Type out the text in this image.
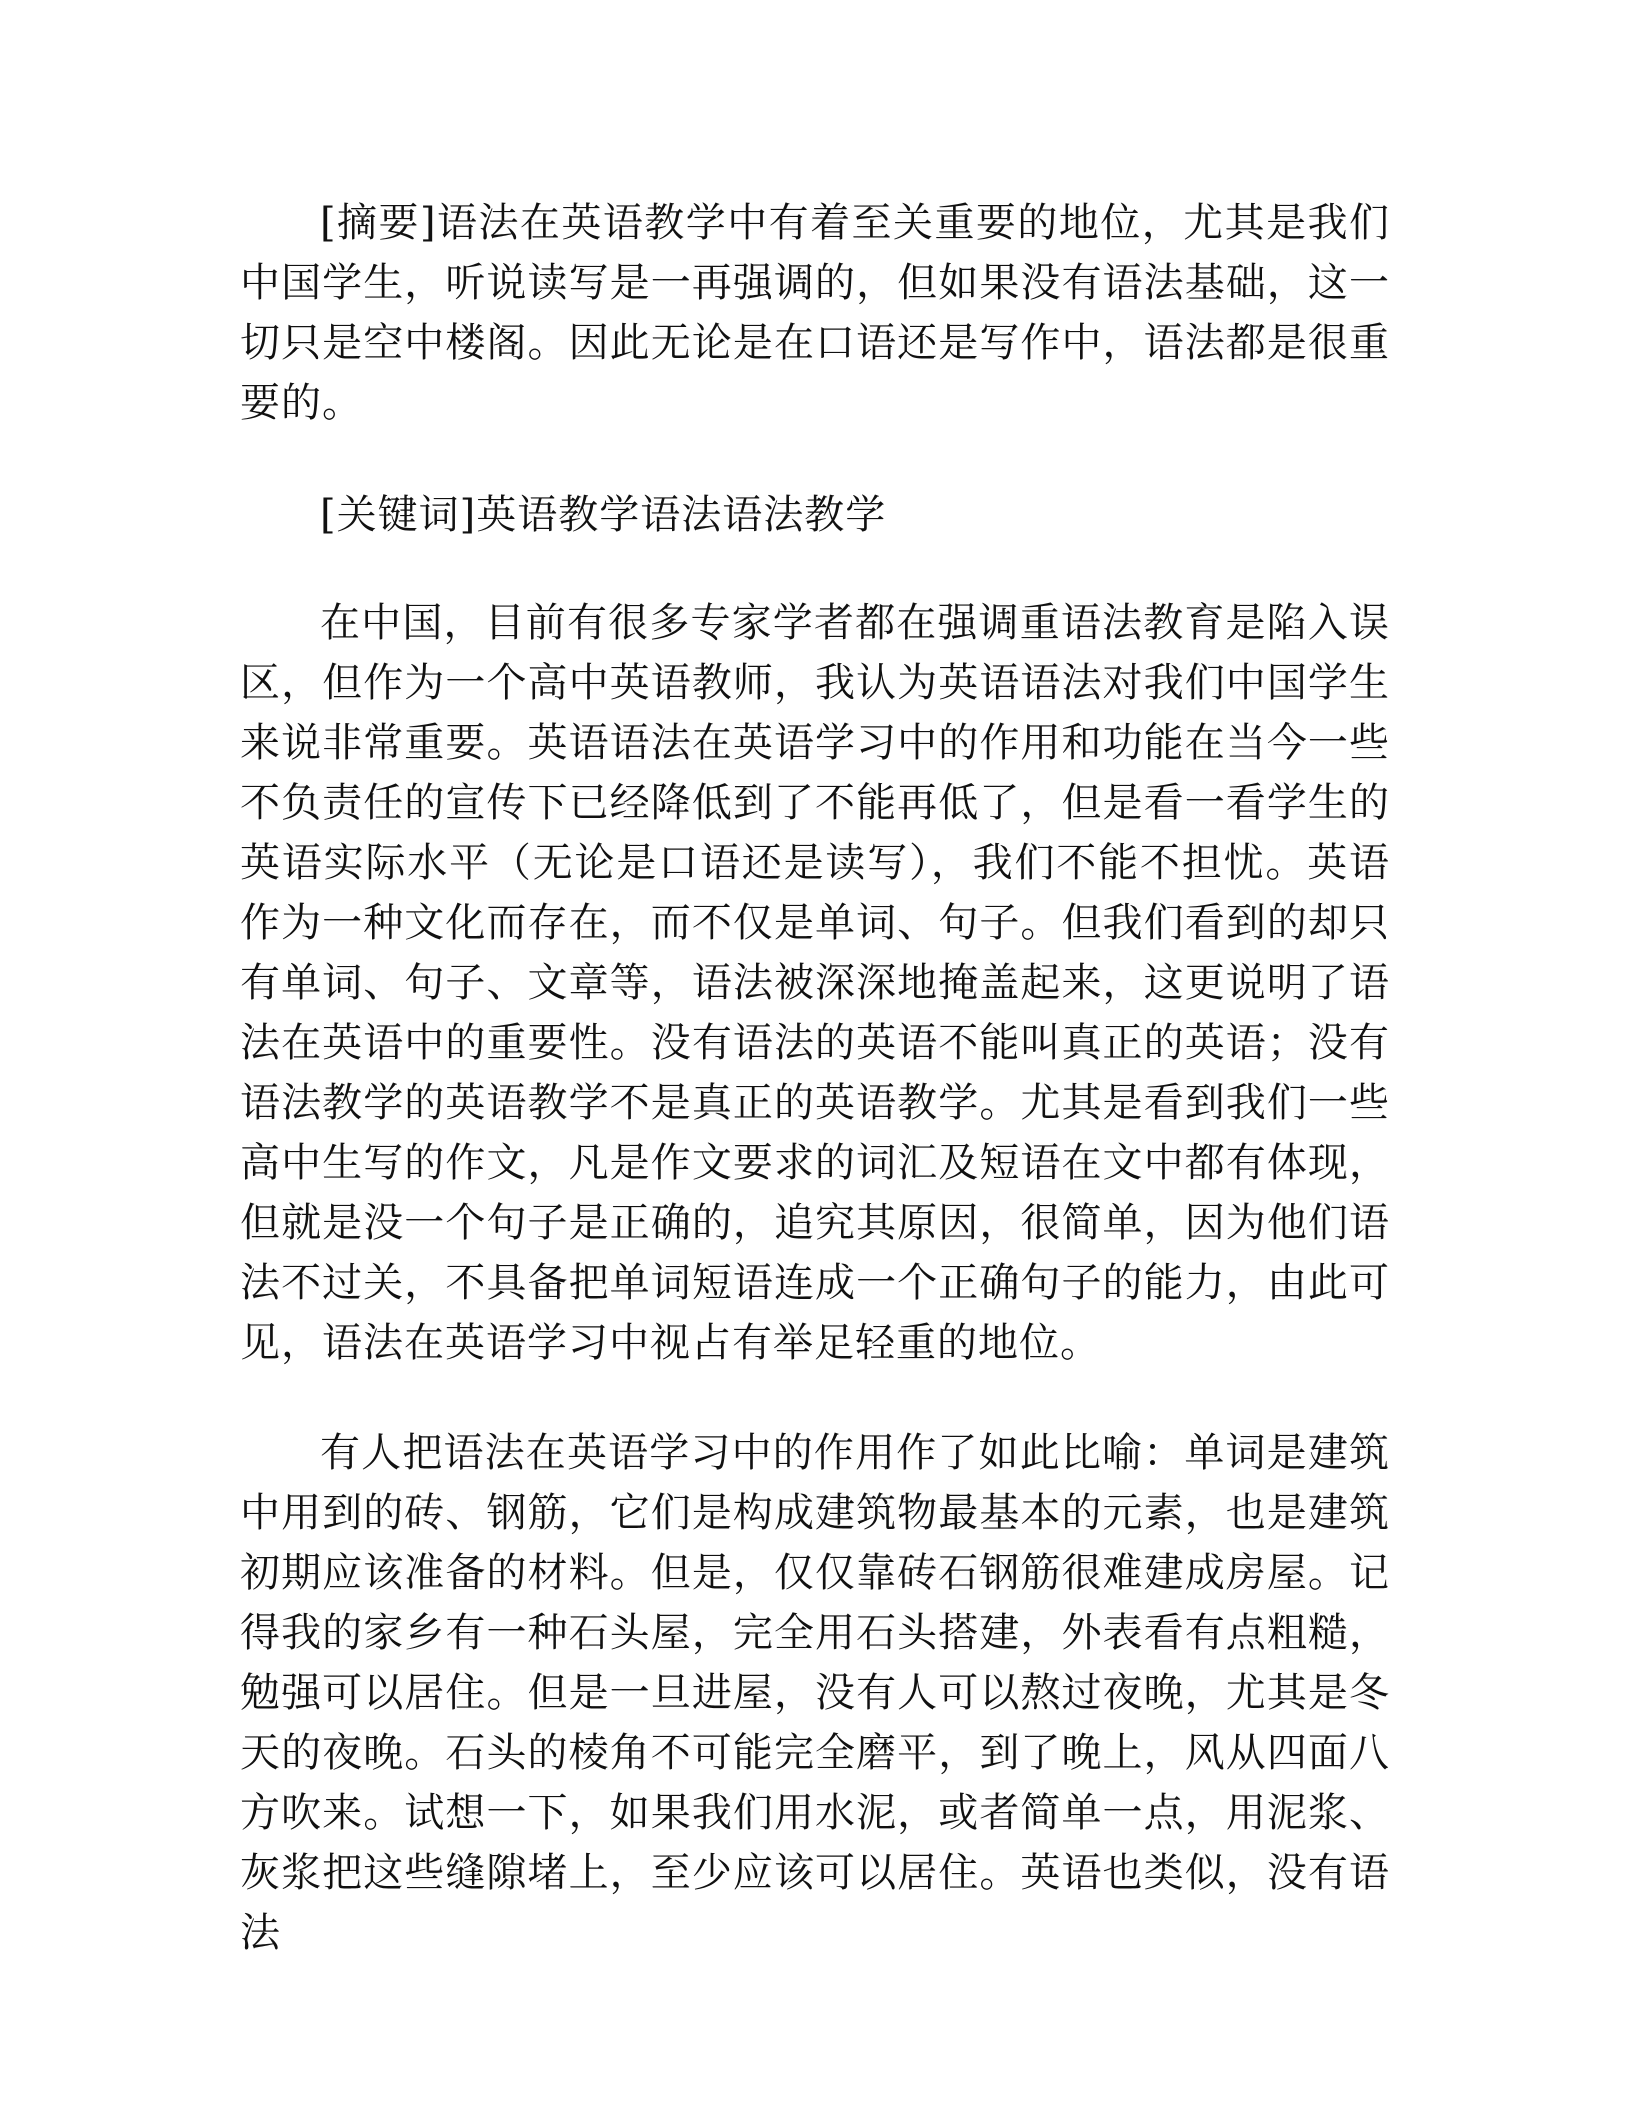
[摘要]语法在英语教学中有着至关重要的地位，尤其是我们中国学生，听说读写是一再强调的，但如果没有语法基础，这一切只是空中楼阁。因此无论是在口语还是写作中，语法都是很重要的。

[关键词]英语教学语法语法教学

在中国，目前有很多专家学者都在强调重语法教育是陷入误区，但作为一个高中英语教师，我认为英语语法对我们中国学生来说非常重要。英语语法在英语学习中的作用和功能在当今一些不负责任的宣传下已经降低到了不能再低了，但是看一看学生的英语实际水平（无论是口语还是读写），我们不能不担忧。英语作为一种文化而存在，而不仅是单词、句子。但我们看到的却只有单词、句子、文章等，语法被深深地掩盖起来，这更说明了语法在英语中的重要性。没有语法的英语不能叫真正的英语；没有语法教学的英语教学不是真正的英语教学。尤其是看到我们一些高中生写的作文，凡是作文要求的词汇及短语在文中都有体现，但就是没一个句子是正确的，追究其原因，很简单，因为他们语法不过关，不具备把单词短语连成一个正确句子的能力，由此可见，语法在英语学习中视占有举足轻重的地位。

有人把语法在英语学习中的作用作了如此比喻：单词是建筑中用到的砖、钢筋，它们是构成建筑物最基本的元素，也是建筑初期应该准备的材料。但是，仅仅靠砖石钢筋很难建成房屋。记得我的家乡有一种石头屋，完全用石头搭建，外表看有点粗糙，勉强可以居住。但是一旦进屋，没有人可以熬过夜晚，尤其是冬天的夜晚。石头的棱角不可能完全磨平，到了晚上，风从四面八方吹来。试想一下，如果我们用水泥，或者简单一点，用泥浆、灰浆把这些缝隙堵上，至少应该可以居住。英语也类似，没有语法
